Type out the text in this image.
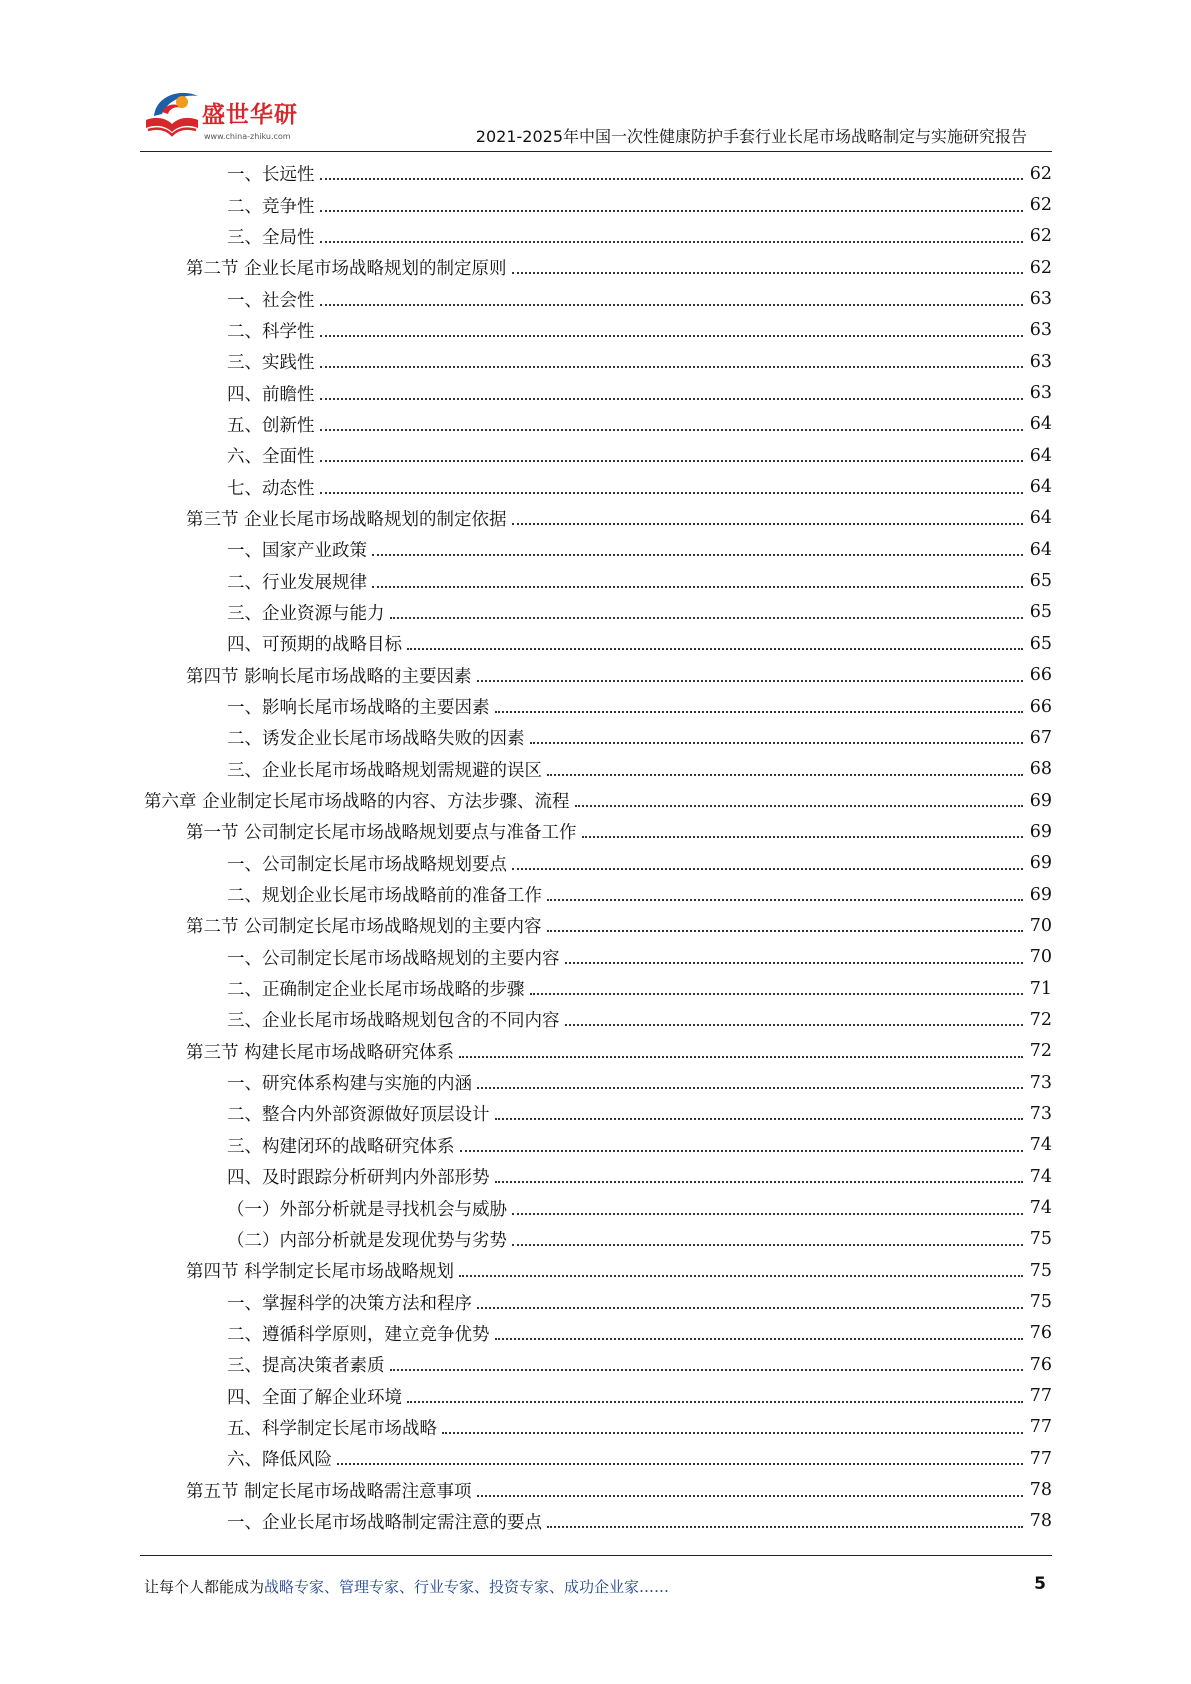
盛世华研
www.china-zhiku.com	2021-2025年中国一次性健康防护手套行业长尾市场战略制定与实施研究报告
一、长远性	62
二、竞争性	62
三、全局性	62
第二节 企业长尾市场战略规划的制定原则	62
一、社会性	63
二、科学性	63
三、实践性	63
四、前瞻性	63
五、创新性	64
六、全面性	64
七、动态性	64
第三节 企业长尾市场战略规划的制定依据	64
一、国家产业政策	64
二、行业发展规律	65
三、企业资源与能力	65
四、可预期的战略目标	65
第四节 影响长尾市场战略的主要因素	66
一、影响长尾市场战略的主要因素	66
二、诱发企业长尾市场战略失败的因素	67
三、企业长尾市场战略规划需规避的误区	68
第六章 企业制定长尾市场战略的内容、方法步骤、流程	69
第一节 公司制定长尾市场战略规划要点与准备工作	69
一、公司制定长尾市场战略规划要点	69
二、规划企业长尾市场战略前的准备工作	69
第二节 公司制定长尾市场战略规划的主要内容	70
一、公司制定长尾市场战略规划的主要内容	70
二、正确制定企业长尾市场战略的步骤	71
三、企业长尾市场战略规划包含的不同内容	72
第三节 构建长尾市场战略研究体系	72
一、研究体系构建与实施的内涵	73
二、整合内外部资源做好顶层设计	73
三、构建闭环的战略研究体系	74
四、及时跟踪分析研判内外部形势	74
（一）外部分析就是寻找机会与威胁	74
（二）内部分析就是发现优势与劣势	75
第四节 科学制定长尾市场战略规划	75
一、掌握科学的决策方法和程序	75
二、遵循科学原则，建立竞争优势	76
三、提高决策者素质	76
四、全面了解企业环境	77
五、科学制定长尾市场战略	77
六、降低风险	77
第五节 制定长尾市场战略需注意事项	78
一、企业长尾市场战略制定需注意的要点	78
让每个人都能成为战略专家、管理专家、行业专家、投资专家、成功企业家……	5
